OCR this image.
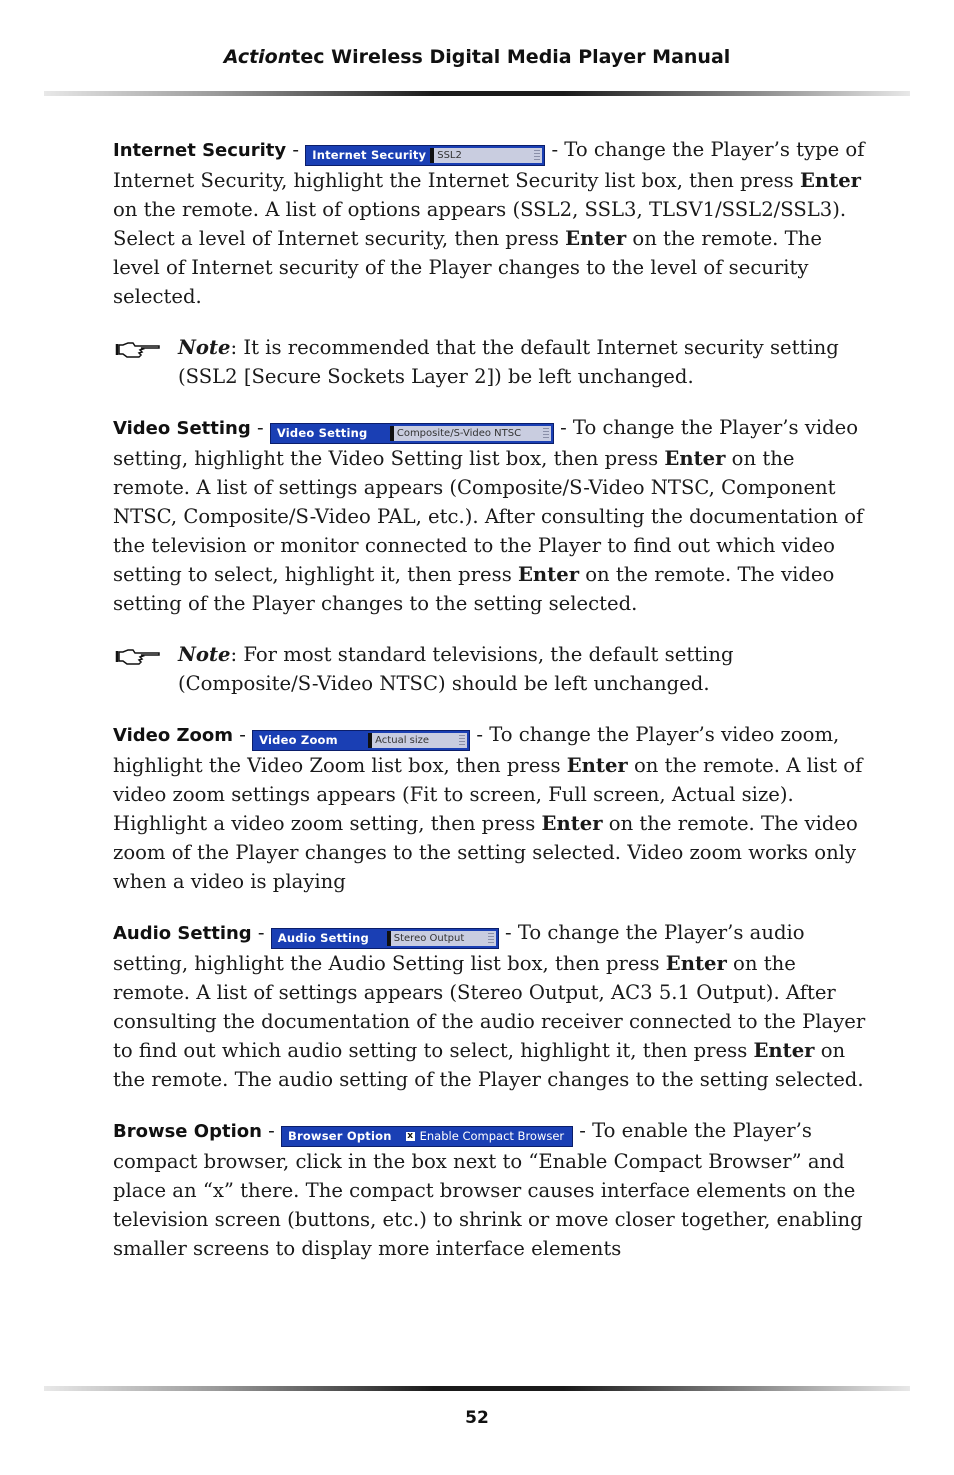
Actiontec Wireless Digital Media Player Manual

Internet Security - Internet Security	SSL2	- To change the Player’s type of Internet Security, highlight the Internet Security list box, then press Enter on the remote. A list of options appears (SSL2, SSL3, TLSV1/SSL2/SSL3). Select a level of Internet security, then press Enter on the remote. The level of Internet security of the Player changes to the level of security selected.

Note: It is recommended that the default Internet security setting (SSL2 [Secure Sockets Layer 2]) be left unchanged.

Video Setting - Video Setting	Composite/S-Video NTSC	- To change the Player’s video setting, highlight the Video Setting list box, then press Enter on the remote. A list of settings appears (Composite/S-Video NTSC, Component NTSC, Composite/S-Video PAL, etc.). After consulting the documentation of the television or monitor connected to the Player to find out which video setting to select, highlight it, then press Enter on the remote. The video setting of the Player changes to the setting selected.

Note: For most standard televisions, the default setting (Composite/S-Video NTSC) should be left unchanged.

Video Zoom - Video Zoom	Actual size	- To change the Player’s video zoom, highlight the Video Zoom list box, then press Enter on the remote. A list of video zoom settings appears (Fit to screen, Full screen, Actual size). Highlight a video zoom setting, then press Enter on the remote. The video zoom of the Player changes to the setting selected. Video zoom works only when a video is playing

Audio Setting - Audio Setting	Stereo Output	- To change the Player’s audio setting, highlight the Audio Setting list box, then press Enter on the remote. A list of settings appears (Stereo Output, AC3 5.1 Output). After consulting the documentation of the audio receiver connected to the Player to find out which audio setting to select, highlight it, then press Enter on the remote. The audio setting of the Player changes to the setting selected.

Browse Option - Browser Option	x Enable Compact Browser - To enable the Player’s compact browser, click in the box next to “Enable Compact Browser” and place an “x” there. The compact browser causes interface elements on the television screen (buttons, etc.) to shrink or move closer together, enabling smaller screens to display more interface elements

52
